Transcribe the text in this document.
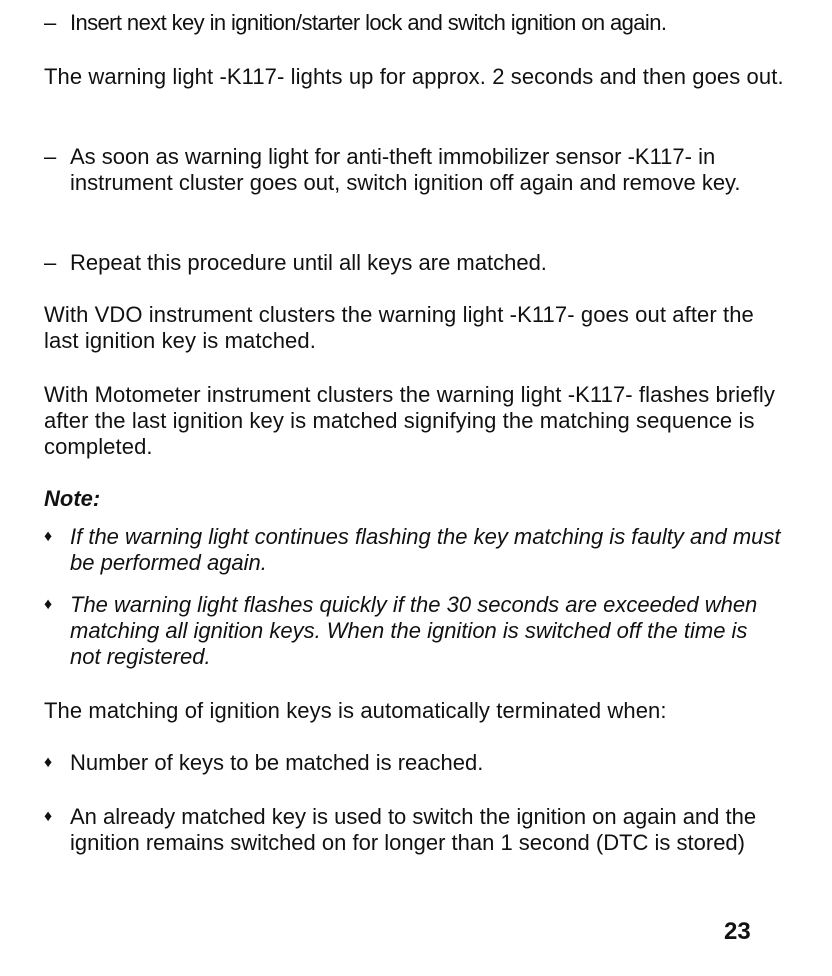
– Insert next key in ignition/starter lock and switch ignition on again.
The warning light -K117- lights up for approx. 2 seconds and then goes out.
– As soon as warning light for anti-theft immobilizer sensor -K117- in instrument cluster goes out, switch ignition off again and remove key.
– Repeat this procedure until all keys are matched.
With VDO instrument clusters the warning light -K117- goes out after the last ignition key is matched.
With Motometer instrument clusters the warning light -K117- flashes briefly after the last ignition key is matched signifying the matching sequence is completed.
Note:
♦ If the warning light continues flashing the key matching is faulty and must be performed again.
♦ The warning light flashes quickly if the 30 seconds are exceeded when matching all ignition keys. When the ignition is switched off the time is not registered.
The matching of ignition keys is automatically terminated when:
♦ Number of keys to be matched is reached.
♦ An already matched key is used to switch the ignition on again and the ignition remains switched on for longer than 1 second (DTC is stored)
23
